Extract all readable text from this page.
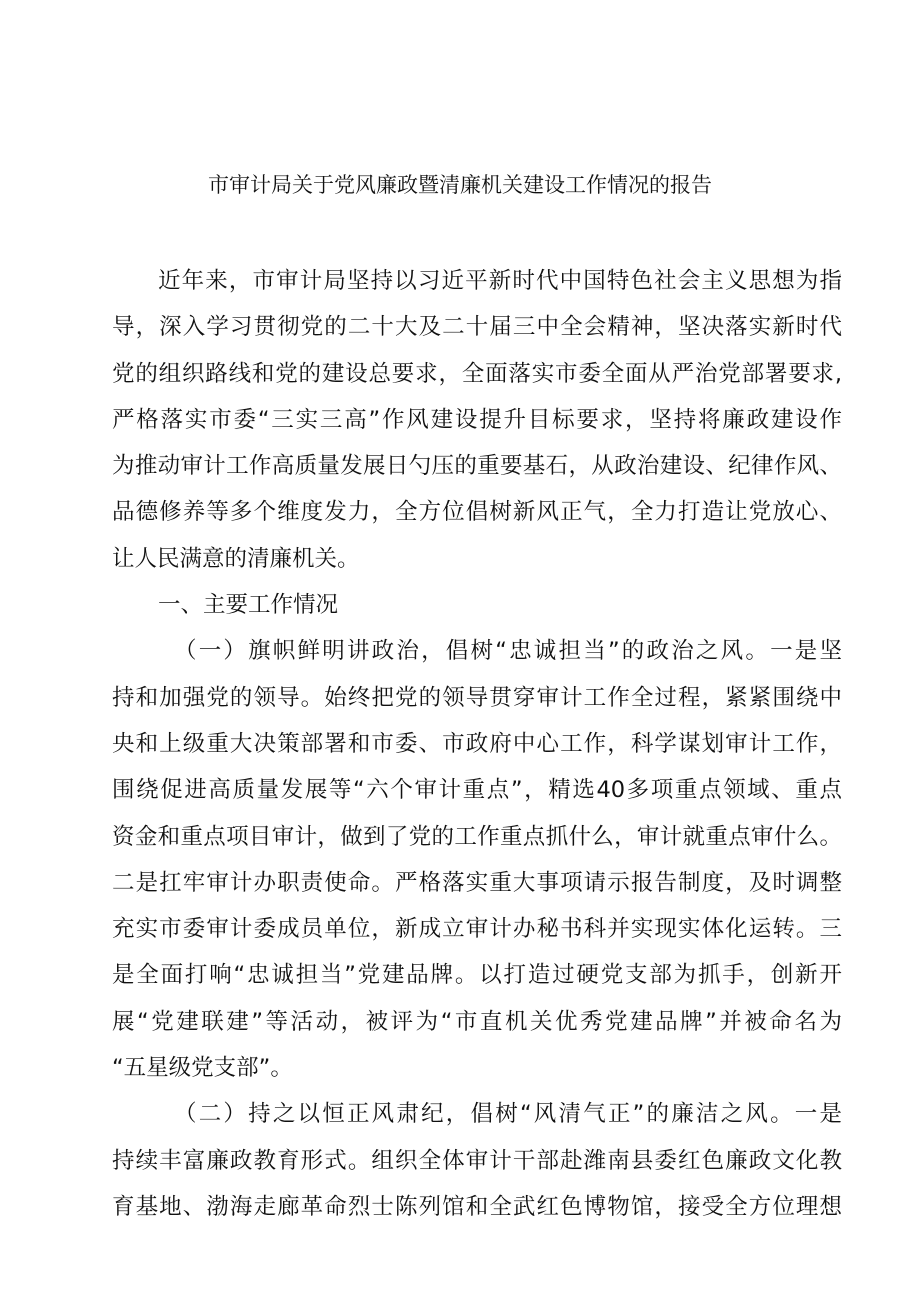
市审计局关于党风廉政暨清廉机关建设工作情况的报告
近年来，市审计局坚持以习近平新时代中国特色社会主义思想为指
导，深入学习贯彻党的二十大及二十届三中全会精神，坚决落实新时代
党的组织路线和党的建设总要求，全面落实市委全面从严治党部署要求,
严格落实市委“三实三高”作风建设提升目标要求，坚持将廉政建设作
为推动审计工作高质量发展日勺压的重要基石，从政治建设、纪律作风、
品德修养等多个维度发力，全方位倡树新风正气，全力打造让党放心、
让人民满意的清廉机关。
一、主要工作情况
（一）旗帜鲜明讲政治，倡树“忠诚担当”的政治之风。一是坚
持和加强党的领导。始终把党的领导贯穿审计工作全过程，紧紧围绕中
央和上级重大决策部署和市委、市政府中心工作，科学谋划审计工作，
围绕促进高质量发展等“六个审计重点”，精选40多项重点领域、重点
资金和重点项目审计，做到了党的工作重点抓什么，审计就重点审什么。
二是扛牢审计办职责使命。严格落实重大事项请示报告制度，及时调整
充实市委审计委成员单位，新成立审计办秘书科并实现实体化运转。三
是全面打响“忠诚担当”党建品牌。以打造过硬党支部为抓手，创新开
展“党建联建”等活动，被评为“市直机关优秀党建品牌”并被命名为
“五星级党支部”。
（二）持之以恒正风肃纪，倡树“风清气正”的廉洁之风。一是
持续丰富廉政教育形式。组织全体审计干部赴潍南县委红色廉政文化教
育基地、渤海走廊革命烈士陈列馆和全武红色博物馆，接受全方位理想
